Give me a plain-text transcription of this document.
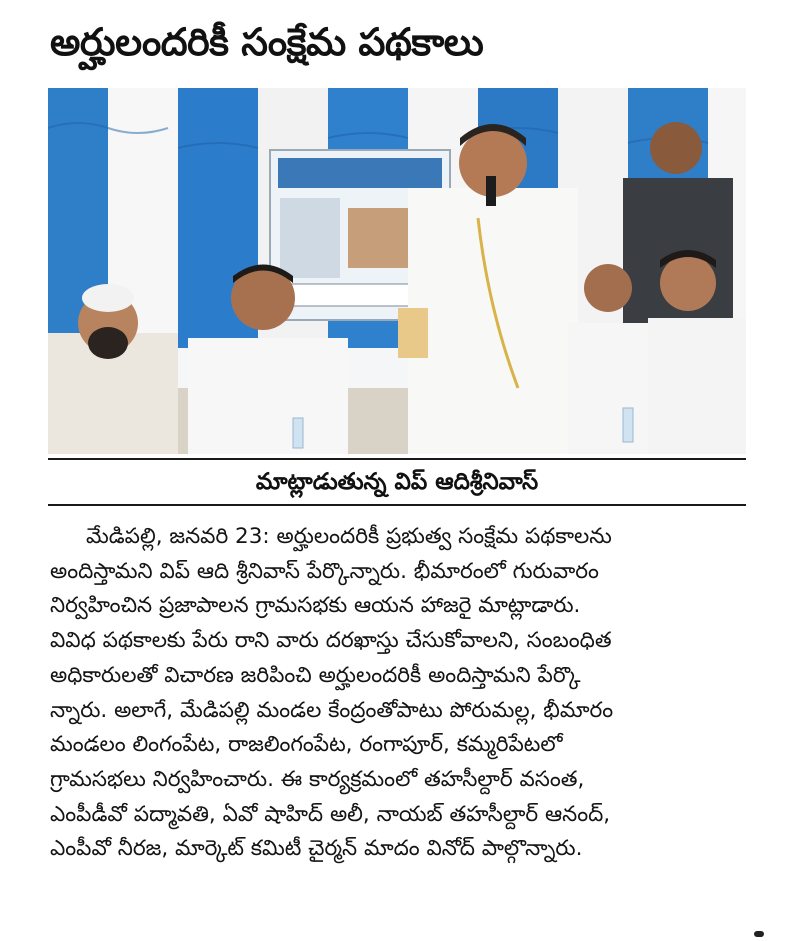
అర్హులందరికీ సంక్షేమ పథకాలు
మాట్లాడుతున్న విప్ ఆదిశ్రీనివాస్
మేడిపల్లి, జనవరి 23: అర్హులందరికీ ప్రభుత్వ సంక్షేమ పథకాలను
అందిస్తామని విప్ ఆది శ్రీనివాస్ పేర్కొన్నారు. భీమారంలో గురువారం
నిర్వహించిన ప్రజాపాలన గ్రామసభకు ఆయన హాజరై మాట్లాడారు.
వివిధ పథకాలకు పేరు రాని వారు దరఖాస్తు చేసుకోవాలని, సంబంధిత
అధికారులతో విచారణ జరిపించి అర్హులందరికీ అందిస్తామని పేర్కొ
న్నారు. అలాగే, మేడిపల్లి మండల కేంద్రంతోపాటు పోరుమల్ల, భీమారం
మండలం లింగంపేట, రాజలింగంపేట, రంగాపూర్, కమ్మరిపేటలో
గ్రామసభలు నిర్వహించారు. ఈ కార్యక్రమంలో తహసీల్దార్ వసంత,
ఎంపీడీవో పద్మావతి, ఏవో షాహిద్ అలీ, నాయబ్ తహసీల్దార్ ఆనంద్,
ఎంపీవో నీరజ, మార్కెట్ కమిటీ చైర్మన్ మాదం వినోద్ పాల్గొన్నారు.
